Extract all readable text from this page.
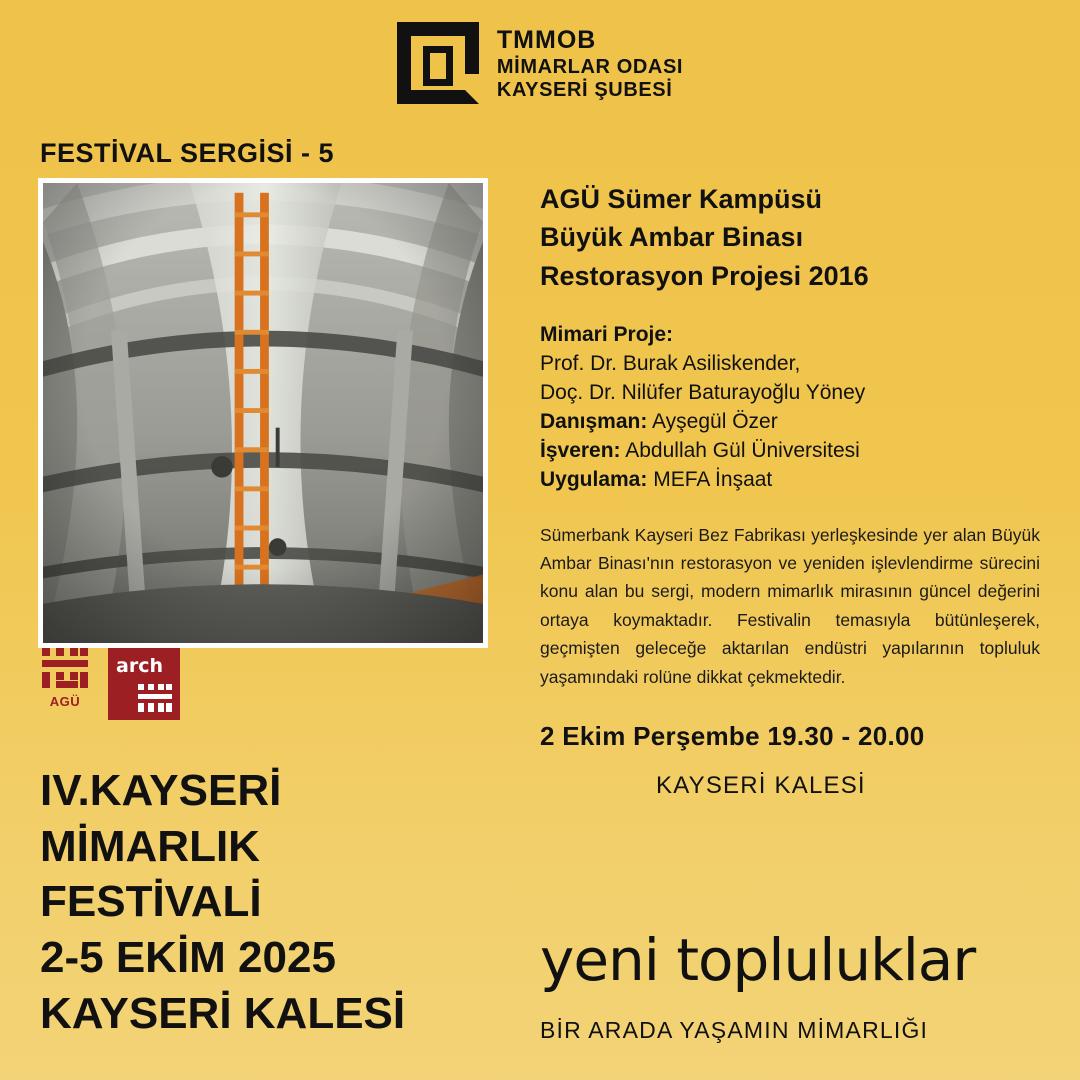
TMMOB
MİMARLAR ODASI
KAYSERİ ŞUBESİ
FESTİVAL SERGİSİ - 5
AGÜ
arch
IV.KAYSERİ
MİMARLIK
FESTİVALİ
2-5 EKİM 2025
KAYSERİ KALESİ
AGÜ Sümer Kampüsü
Büyük Ambar Binası
Restorasyon Projesi 2016
Mimari Proje:
Prof. Dr. Burak Asiliskender,
Doç. Dr. Nilüfer Baturayoğlu Yöney
Danışman: Ayşegül Özer
İşveren: Abdullah Gül Üniversitesi
Uygulama: MEFA İnşaat
Sümerbank Kayseri Bez Fabrikası yerleşkesinde yer alan Büyük Ambar Binası'nın restorasyon ve yeniden işlevlendirme sürecini konu alan bu sergi, modern mimarlık mirasının güncel değerini ortaya koymaktadır. Festivalin temasıyla bütünleşerek, geçmişten geleceğe aktarılan endüstri yapılarının topluluk yaşamındaki rolüne dikkat çekmektedir.
2 Ekim Perşembe 19.30 - 20.00
KAYSERİ KALESİ
yeni topluluklar
BİR ARADA YAŞAMIN MİMARLIĞI
